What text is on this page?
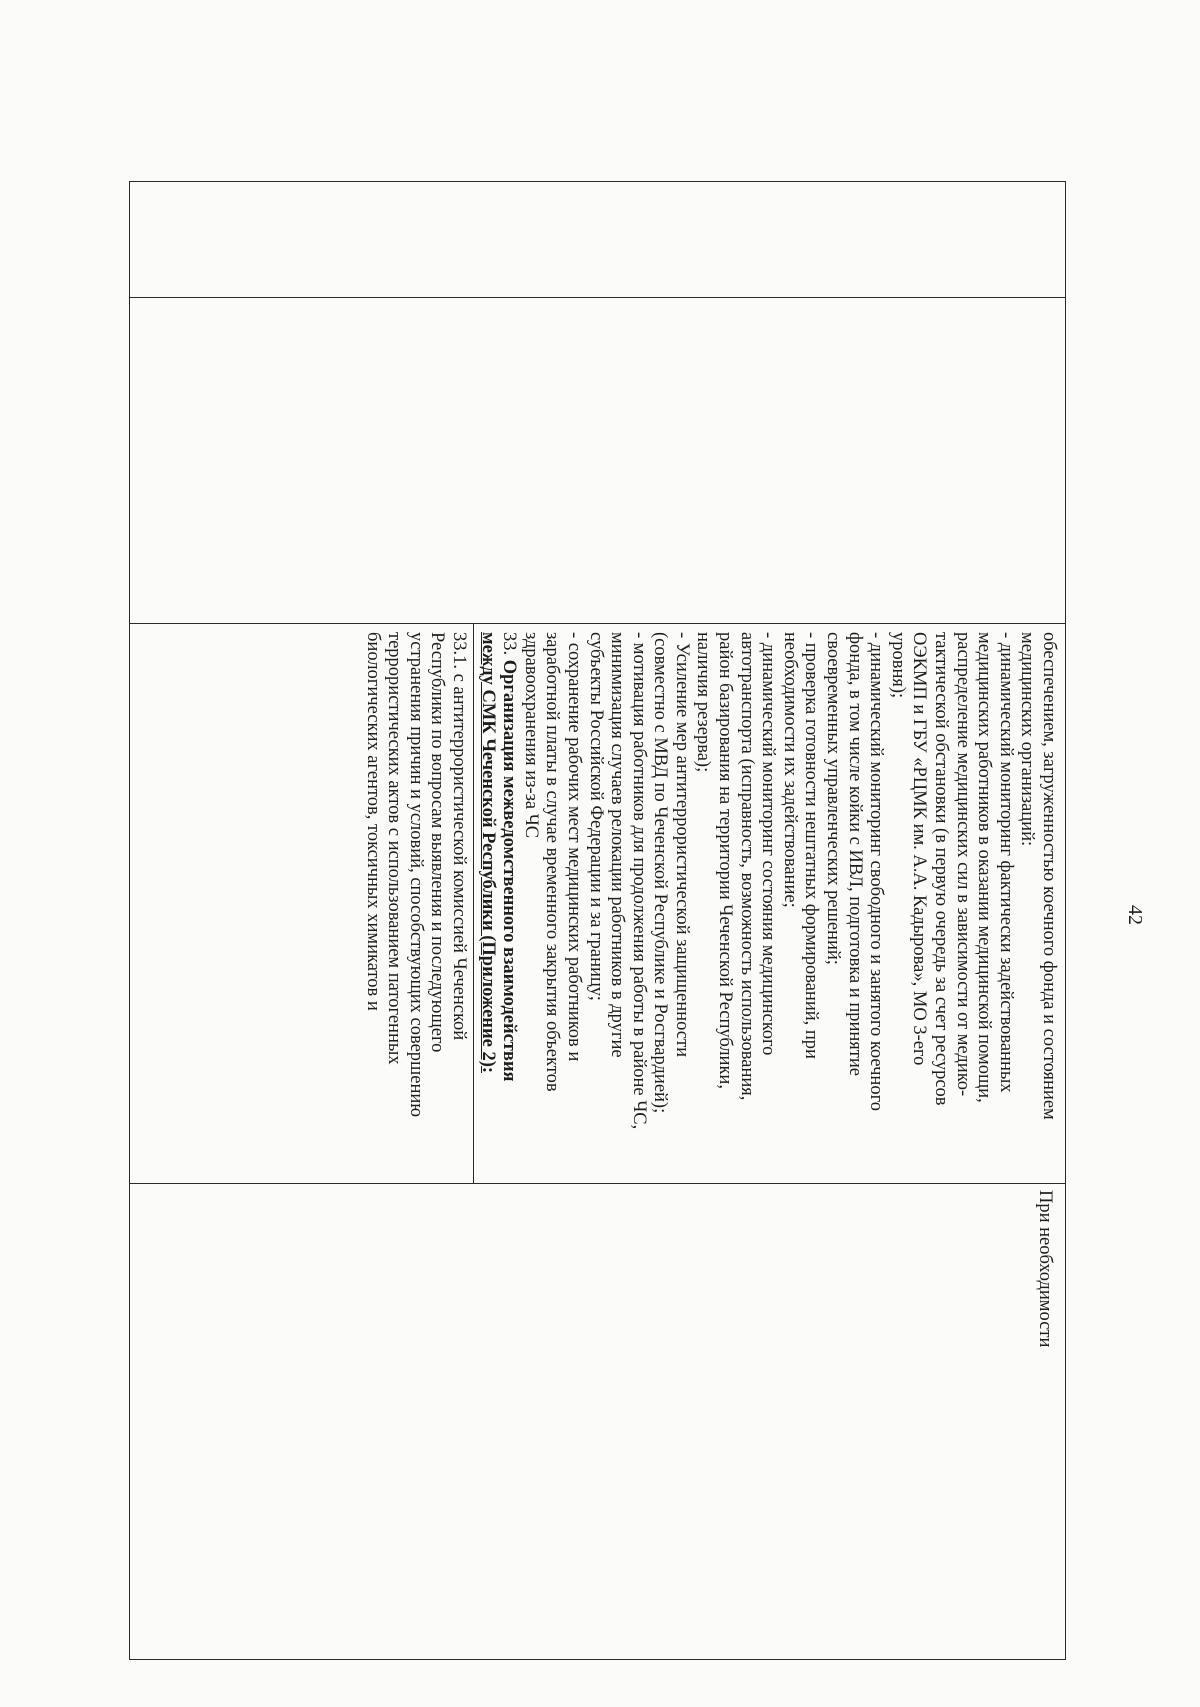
42

обеспечением, загруженностью коечного фонда и состоянием
медицинских организаций:
- динамический мониторинг фактически задействованных
медицинских работников в оказании медицинской помощи,
распределение медицинских сил в зависимости от медико-
тактической обстановки (в первую очередь за счет ресурсов
ОЭКМП и ГБУ «РЦМК им. А.А. Кадырова», МО 3-его
уровня);
- динамический мониторинг свободного и занятого коечного
фонда, в том числе койки с ИВЛ, подготовка и принятие
своевременных управленческих решений;
- проверка готовности нештатных формирований, при
необходимости их задействование;
- динамический мониторинг состояния медицинского
автотранспорта (исправность, возможность использования,
район базирования на территории Чеченской Республики,
наличия резерва);
- Усиление мер антитеррористической защищенности
(совместно с МВД по Чеченской Республике и Росгвардией);
- мотивация работников для продолжения работы в районе ЧС,
минимизация случаев релокации работников в другие
субъекты Российской Федерации и за границу;
- сохранение рабочих мест медицинских работников и
заработной платы в случае временного закрытия объектов
здравоохранения из-за ЧС
33. Организация межведомственного взаимодействия
между СМК Чеченской Республики (Приложение 2):
33.1. с антитеррористической комиссией Чеченской
Республики по вопросам выявления и последующего
устранения причин и условий, способствующих совершению
террористических актов с использованием патогенных
биологических агентов, токсичных химикатов и

При необходимости
